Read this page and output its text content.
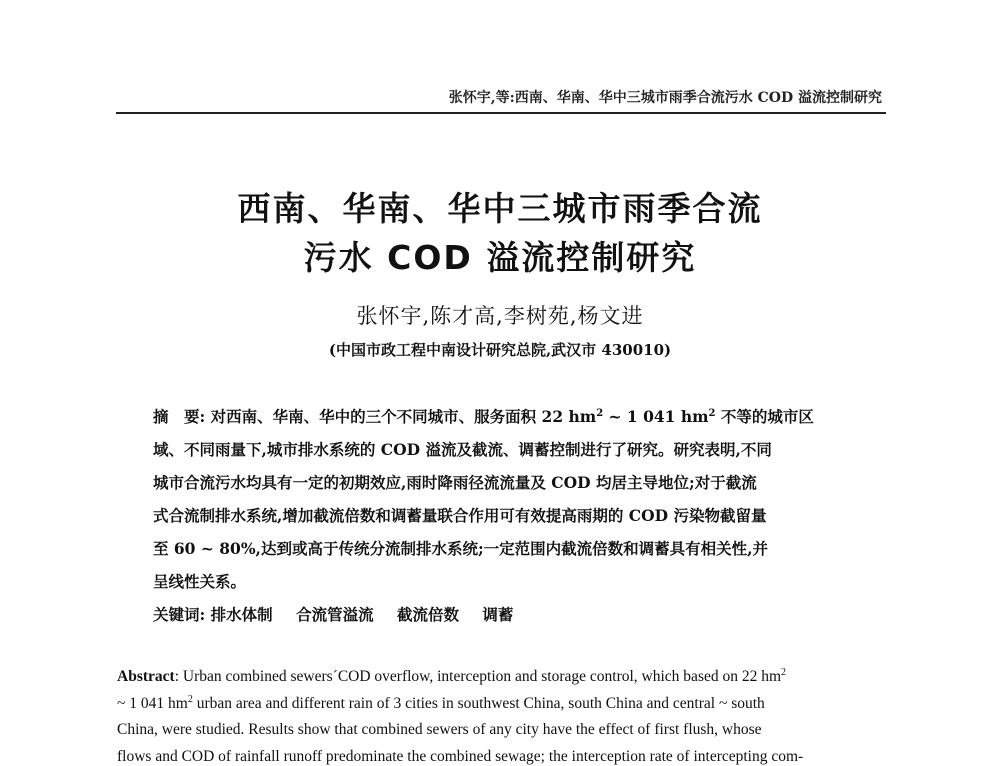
张怀宇,等:西南、华南、华中三城市雨季合流污水 COD 溢流控制研究
西南、华南、华中三城市雨季合流
污水 COD 溢流控制研究
张怀宇,陈才高,李树苑,杨文进
(中国市政工程中南设计研究总院,武汉市 430010)
摘　要: 对西南、华南、华中的三个不同城市、服务面积 22 $hm^2$ ~ 1 041 $hm^2$ 不等的城市区
域、不同雨量下,城市排水系统的 COD 溢流及截流、调蓄控制进行了研究。研究表明,不同
城市合流污水均具有一定的初期效应,雨时降雨径流流量及 COD 均居主导地位;对于截流
式合流制排水系统,增加截流倍数和调蓄量联合作用可有效提高雨期的 COD 污染物截留量
至 60 ~ 80%,达到或高于传统分流制排水系统;一定范围内截流倍数和调蓄具有相关性,并
呈线性关系。
关键词: 排水体制 合流管溢流 截流倍数 调蓄
Abstract: Urban combined sewers´COD overflow, interception and storage control, which based on 22 $hm^2$
~ 1 041 $hm^2$ urban area and different rain of 3 cities in southwest China, south China and central ~ south
China, were studied. Results show that combined sewers of any city have the effect of first flush, whose
flows and COD of rainfall runoff predominate the combined sewage; the interception rate of intercepting com-
